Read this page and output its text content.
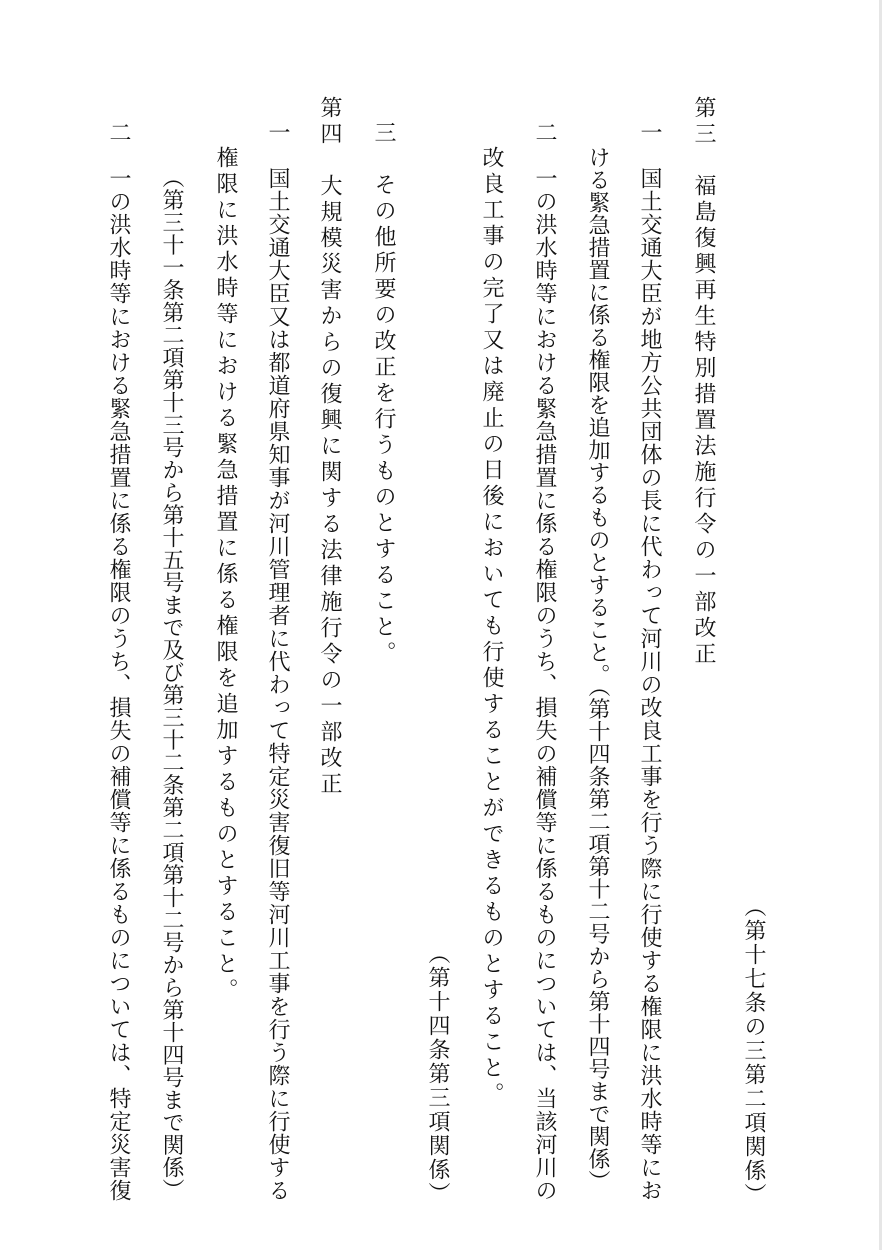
（第十七条の三第二項関係）
第三　福島復興再生特別措置法施行令の一部改正
一　国土交通大臣が地方公共団体の長に代わって河川の改良工事を行う際に行使する権限に洪水時等にお
ける緊急措置に係る権限を追加するものとすること。（第十四条第二項第十二号から第十四号まで関係）
二　一の洪水時等における緊急措置に係る権限のうち、損失の補償等に係るものについては、当該河川の
改良工事の完了又は廃止の日後においても行使することができるものとすること。
（第十四条第三項関係）
三　その他所要の改正を行うものとすること。
第四　大規模災害からの復興に関する法律施行令の一部改正
一　国土交通大臣又は都道府県知事が河川管理者に代わって特定災害復旧等河川工事を行う際に行使する
権限に洪水時等における緊急措置に係る権限を追加するものとすること。
（第三十一条第二項第十三号から第十五号まで及び第三十二条第二項第十二号から第十四号まで関係）
二　一の洪水時等における緊急措置に係る権限のうち、損失の補償等に係るものについては、特定災害復
